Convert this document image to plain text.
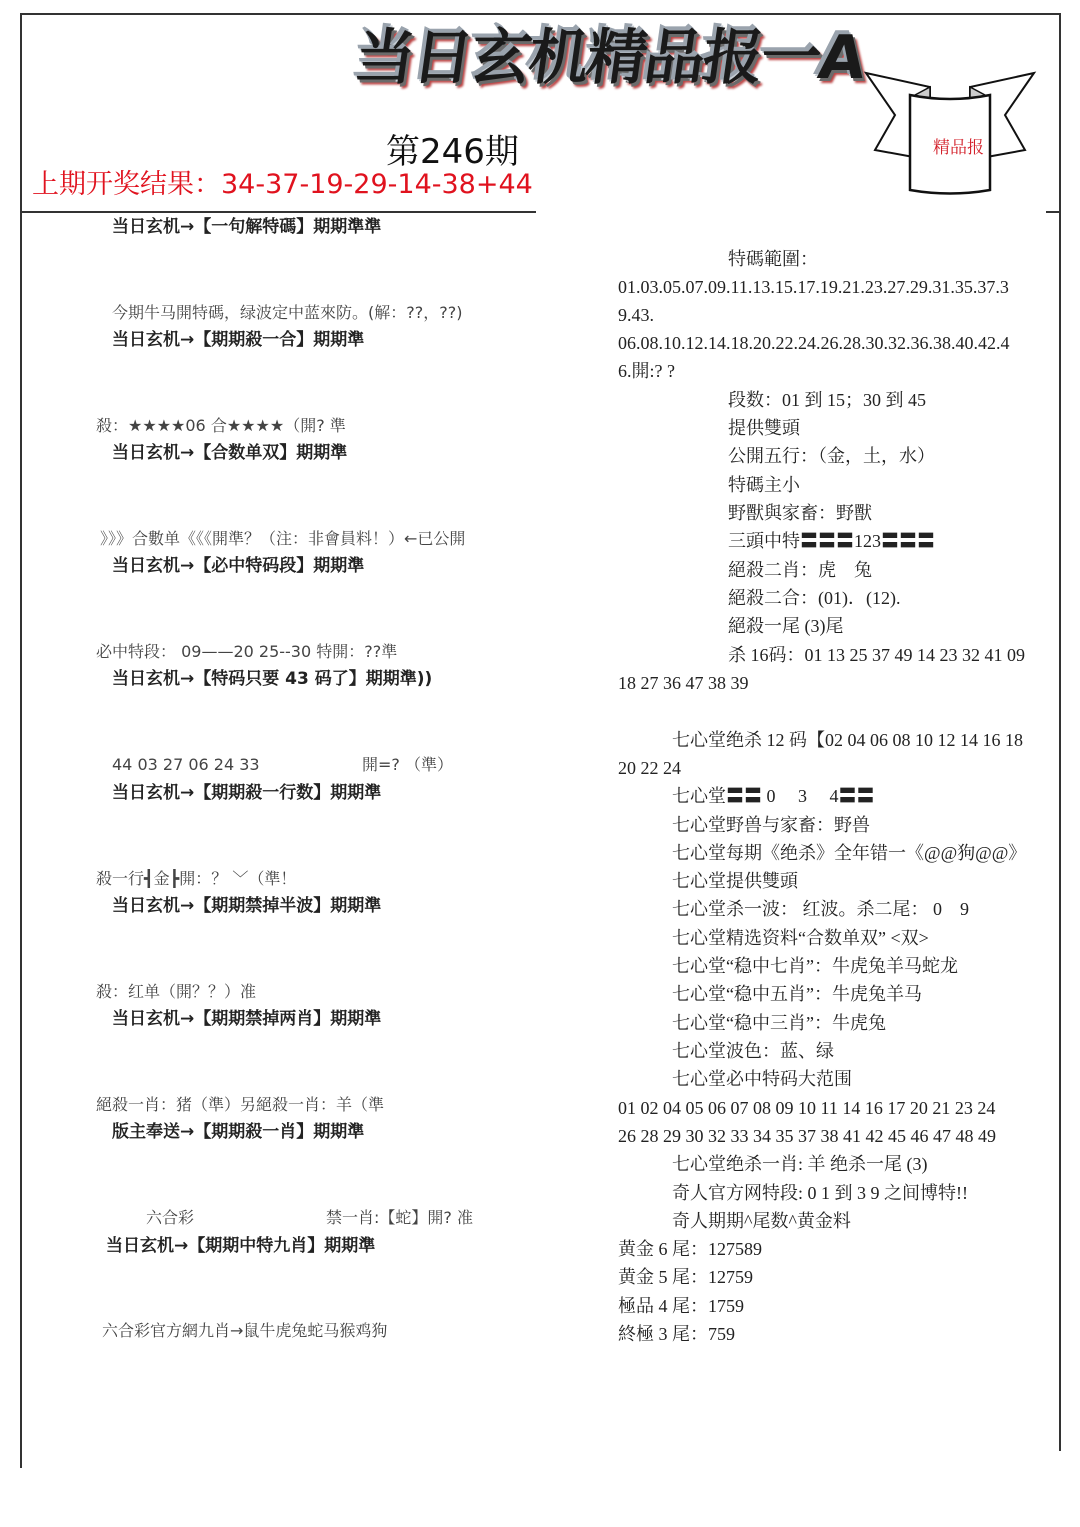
当日玄机精品报一A
第246期
上期开奖结果：34-37-19-29-14-38+44
精品报
当日玄机→【一句解特碼】期期準準
今期牛马開特碼，绿波定中蓝來防。(解：??，??)
当日玄机→【期期殺一合】期期準
殺：★★★★06 合★★★★（開? 準
当日玄机→【合数单双】期期準
》》》合數单《《《開準？（注：非會員料！）←已公開
当日玄机→【必中特码段】期期準
必中特段： 09——20 25--30 特開：??準
当日玄机→【特码只要 43 码了】期期準))
44 03 27 06 24 33	開=? （準）
当日玄机→【期期殺一行数】期期準
殺一行┫金┣開：？ ﹀（準！
当日玄机→【期期禁掉半波】期期準
殺：红单（開？？）准
当日玄机→【期期禁掉两肖】期期準
絕殺一肖：猪（準）另絕殺一肖：羊（準
版主奉送→【期期殺一肖】期期準
六合彩	禁一肖:【蛇】開? 准
当日玄机→【期期中特九肖】期期準
六合彩官方網九肖→鼠牛虎兔蛇马猴鸡狗
特碼範圍：
01.03.05.07.09.11.13.15.17.19.21.23.27.29.31.35.37.3
9.43.
06.08.10.12.14.18.20.22.24.26.28.30.32.36.38.40.42.4
6.開:? ?
段数：01 到 15；30 到 45
提供雙頭
公開五行：（金，土，水）
特碼主小
野獸與家畜：野獸
三頭中特〓〓〓123〓〓〓
絕殺二肖：虎　兔
絕殺二合：(01)．(12).
絕殺一尾 (3)尾
杀 16码：01 13 25 37 49 14 23 32 41 09
18 27 36 47 38 39
七心堂绝杀 12 码【02 04 06 08 10 12 14 16 18
20 22 24
七心堂〓〓 0　 3　 4〓〓
七心堂野兽与家畜：野兽
七心堂每期《绝杀》全年错一《@@狗@@》
七心堂提供雙頭
七心堂杀一波： 红波。杀二尾： 0　9
七心堂精选资料“合数单双” <双>
七心堂“稳中七肖”：牛虎兔羊马蛇龙
七心堂“稳中五肖”：牛虎兔羊马
七心堂“稳中三肖”：牛虎兔
七心堂波色：蓝、绿
七心堂必中特码大范围
01 02 04 05 06 07 08 09 10 11 14 16 17 20 21 23 24
26 28 29 30 32 33 34 35 37 38 41 42 45 46 47 48 49
七心堂绝杀一肖: 羊 绝杀一尾 (3)
奇人官方网特段: 0 1 到 3 9 之间博特!!
奇人期期^尾数^黄金料
黄金 6 尾：127589
黄金 5 尾：12759
極品 4 尾：1759
終極 3 尾：759
